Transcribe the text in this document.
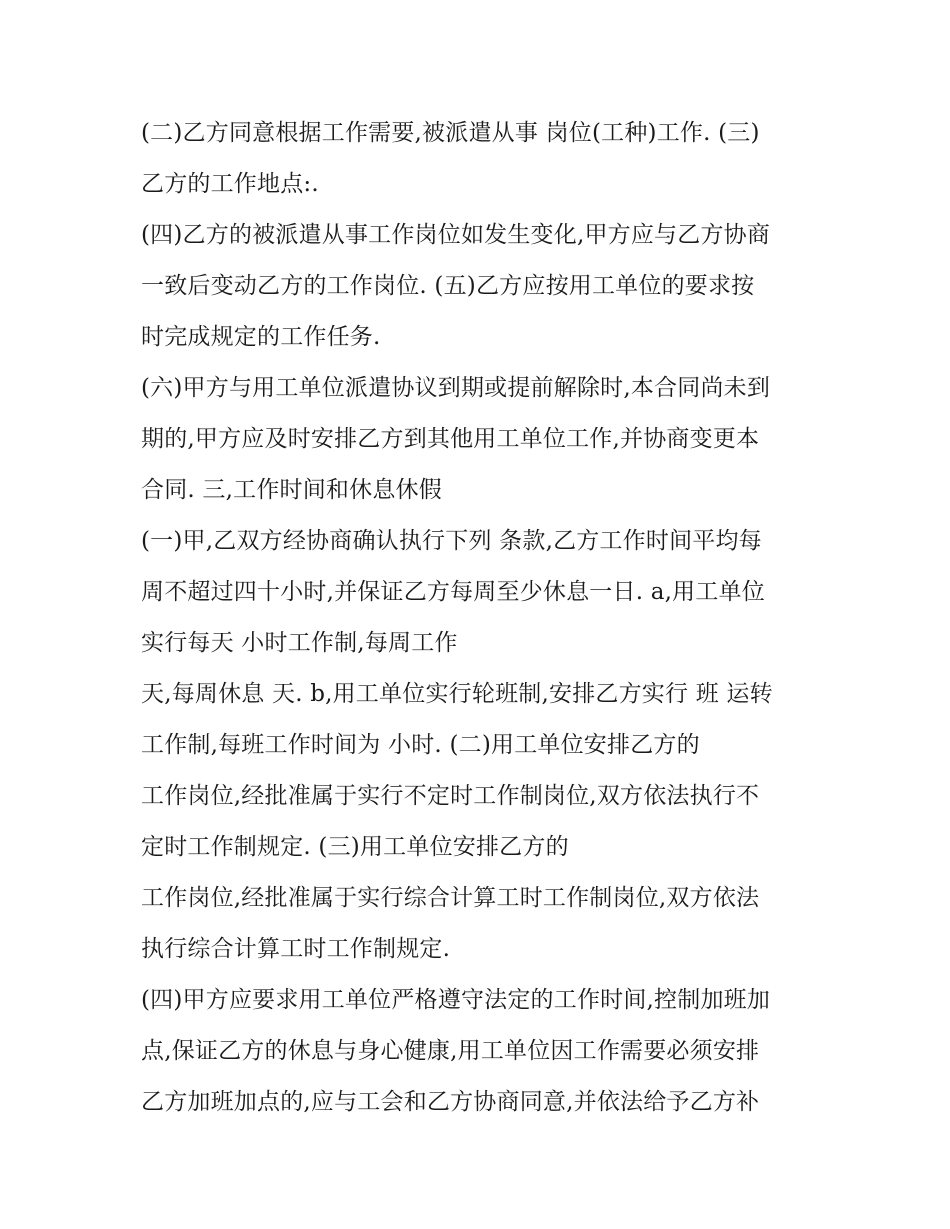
(二)乙方同意根据工作需要,被派遣从事 岗位(工种)工作. (三)
乙方的工作地点:.
(四)乙方的被派遣从事工作岗位如发生变化,甲方应与乙方协商
一致后变动乙方的工作岗位. (五)乙方应按用工单位的要求按
时完成规定的工作任务.
(六)甲方与用工单位派遣协议到期或提前解除时,本合同尚未到
期的,甲方应及时安排乙方到其他用工单位工作,并协商变更本
合同. 三,工作时间和休息休假
(一)甲,乙双方经协商确认执行下列 条款,乙方工作时间平均每
周不超过四十小时,并保证乙方每周至少休息一日. a,用工单位
实行每天 小时工作制,每周工作
天,每周休息 天. b,用工单位实行轮班制,安排乙方实行 班 运转
工作制,每班工作时间为 小时. (二)用工单位安排乙方的
工作岗位,经批准属于实行不定时工作制岗位,双方依法执行不
定时工作制规定. (三)用工单位安排乙方的
工作岗位,经批准属于实行综合计算工时工作制岗位,双方依法
执行综合计算工时工作制规定.
(四)甲方应要求用工单位严格遵守法定的工作时间,控制加班加
点,保证乙方的休息与身心健康,用工单位因工作需要必须安排
乙方加班加点的,应与工会和乙方协商同意,并依法给予乙方补
